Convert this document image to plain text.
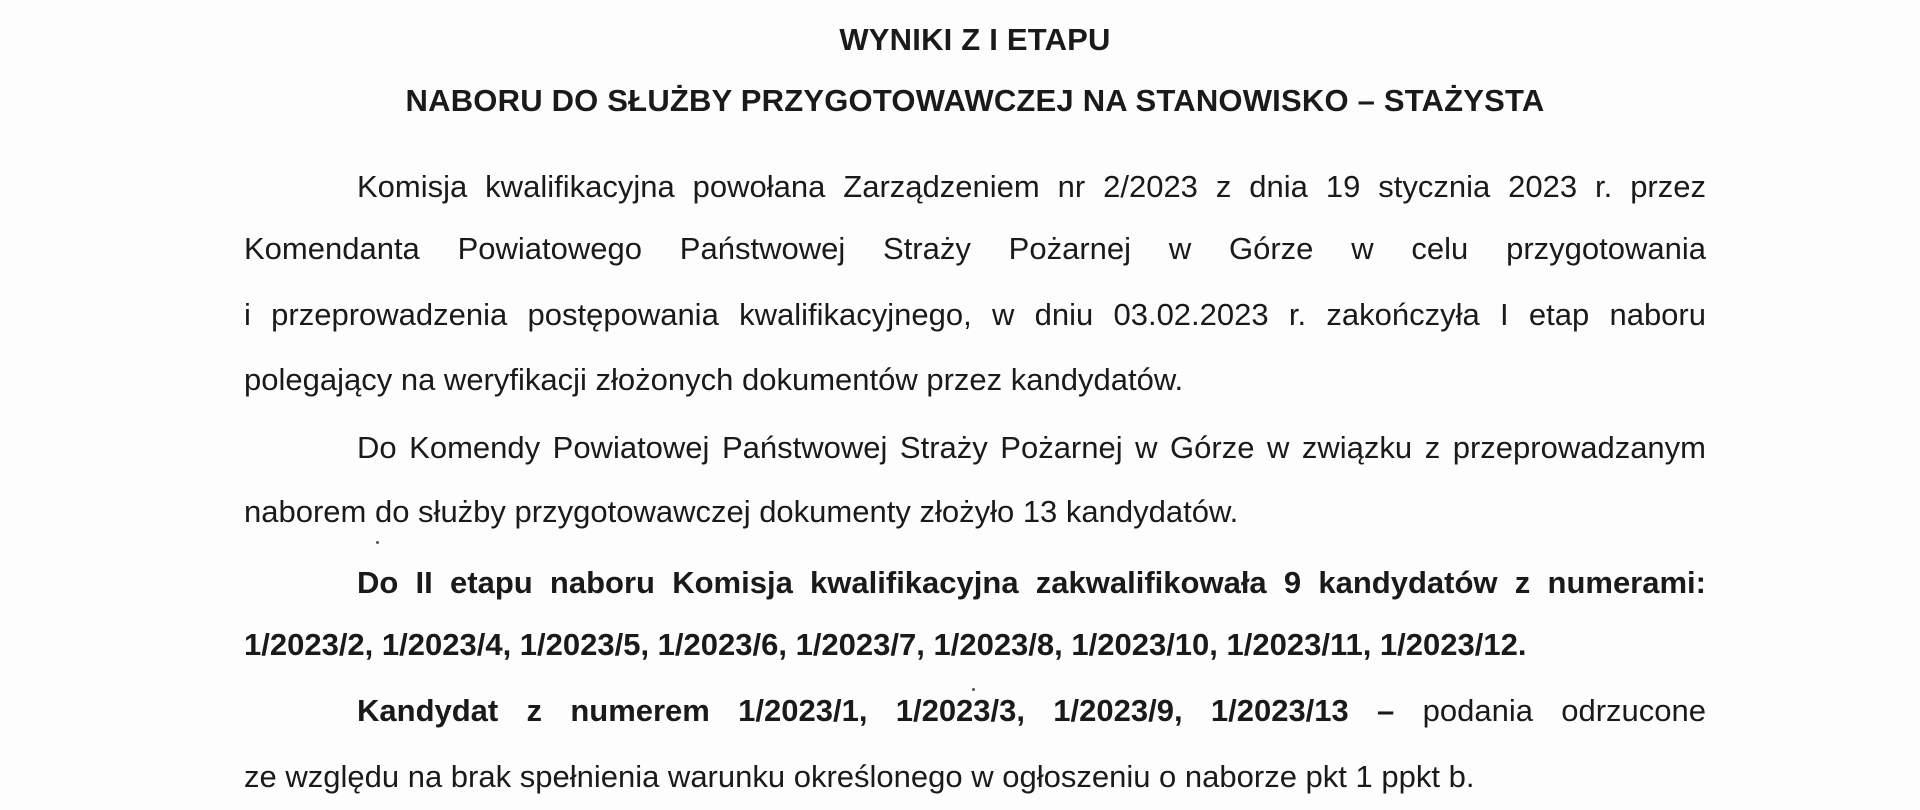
WYNIKI Z I ETAPU
NABORU DO SŁUŻBY PRZYGOTOWAWCZEJ NA STANOWISKO – STAŻYSTA
Komisja kwalifikacyjna powołana Zarządzeniem nr 2/2023 z dnia 19 stycznia 2023 r. przez
Komendanta Powiatowego Państwowej Straży Pożarnej w Górze w celu przygotowania
i przeprowadzenia postępowania kwalifikacyjnego, w dniu 03.02.2023 r. zakończyła I etap naboru
polegający na weryfikacji złożonych dokumentów przez kandydatów.
Do Komendy Powiatowej Państwowej Straży Pożarnej w Górze w związku z przeprowadzanym
naborem do służby przygotowawczej dokumenty złożyło 13 kandydatów.
Do II etapu naboru Komisja kwalifikacyjna zakwalifikowała 9 kandydatów z numerami:
1/2023/2, 1/2023/4, 1/2023/5, 1/2023/6, 1/2023/7, 1/2023/8, 1/2023/10, 1/2023/11, 1/2023/12.
Kandydat z numerem 1/2023/1, 1/2023/3, 1/2023/9, 1/2023/13 – podania odrzucone
ze względu na brak spełnienia warunku określonego w ogłoszeniu o naborze pkt 1 ppkt b.
